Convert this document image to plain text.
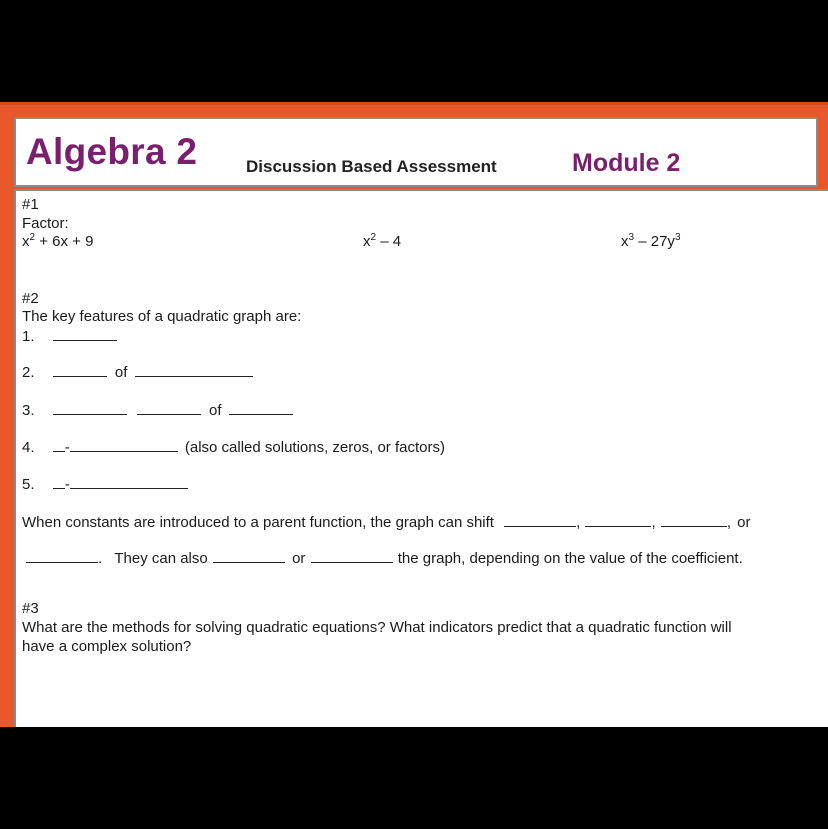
Algebra 2	Discussion Based Assessment	Module 2
#1
Factor:
$x^2 + 6x + 9$	$x^2 - 4$	$x^3 - 27y^3$
#2
The key features of a quadratic graph are:
1.
2.	of
3.	of
4. -	(also called solutions, zeros, or factors)
5. -
When constants are introduced to a parent function, the graph can shift	,	,	, or
. They can also	or	the graph, depending on the value of the coefficient.
#3
What are the methods for solving quadratic equations? What indicators predict that a quadratic function will
have a complex solution?
